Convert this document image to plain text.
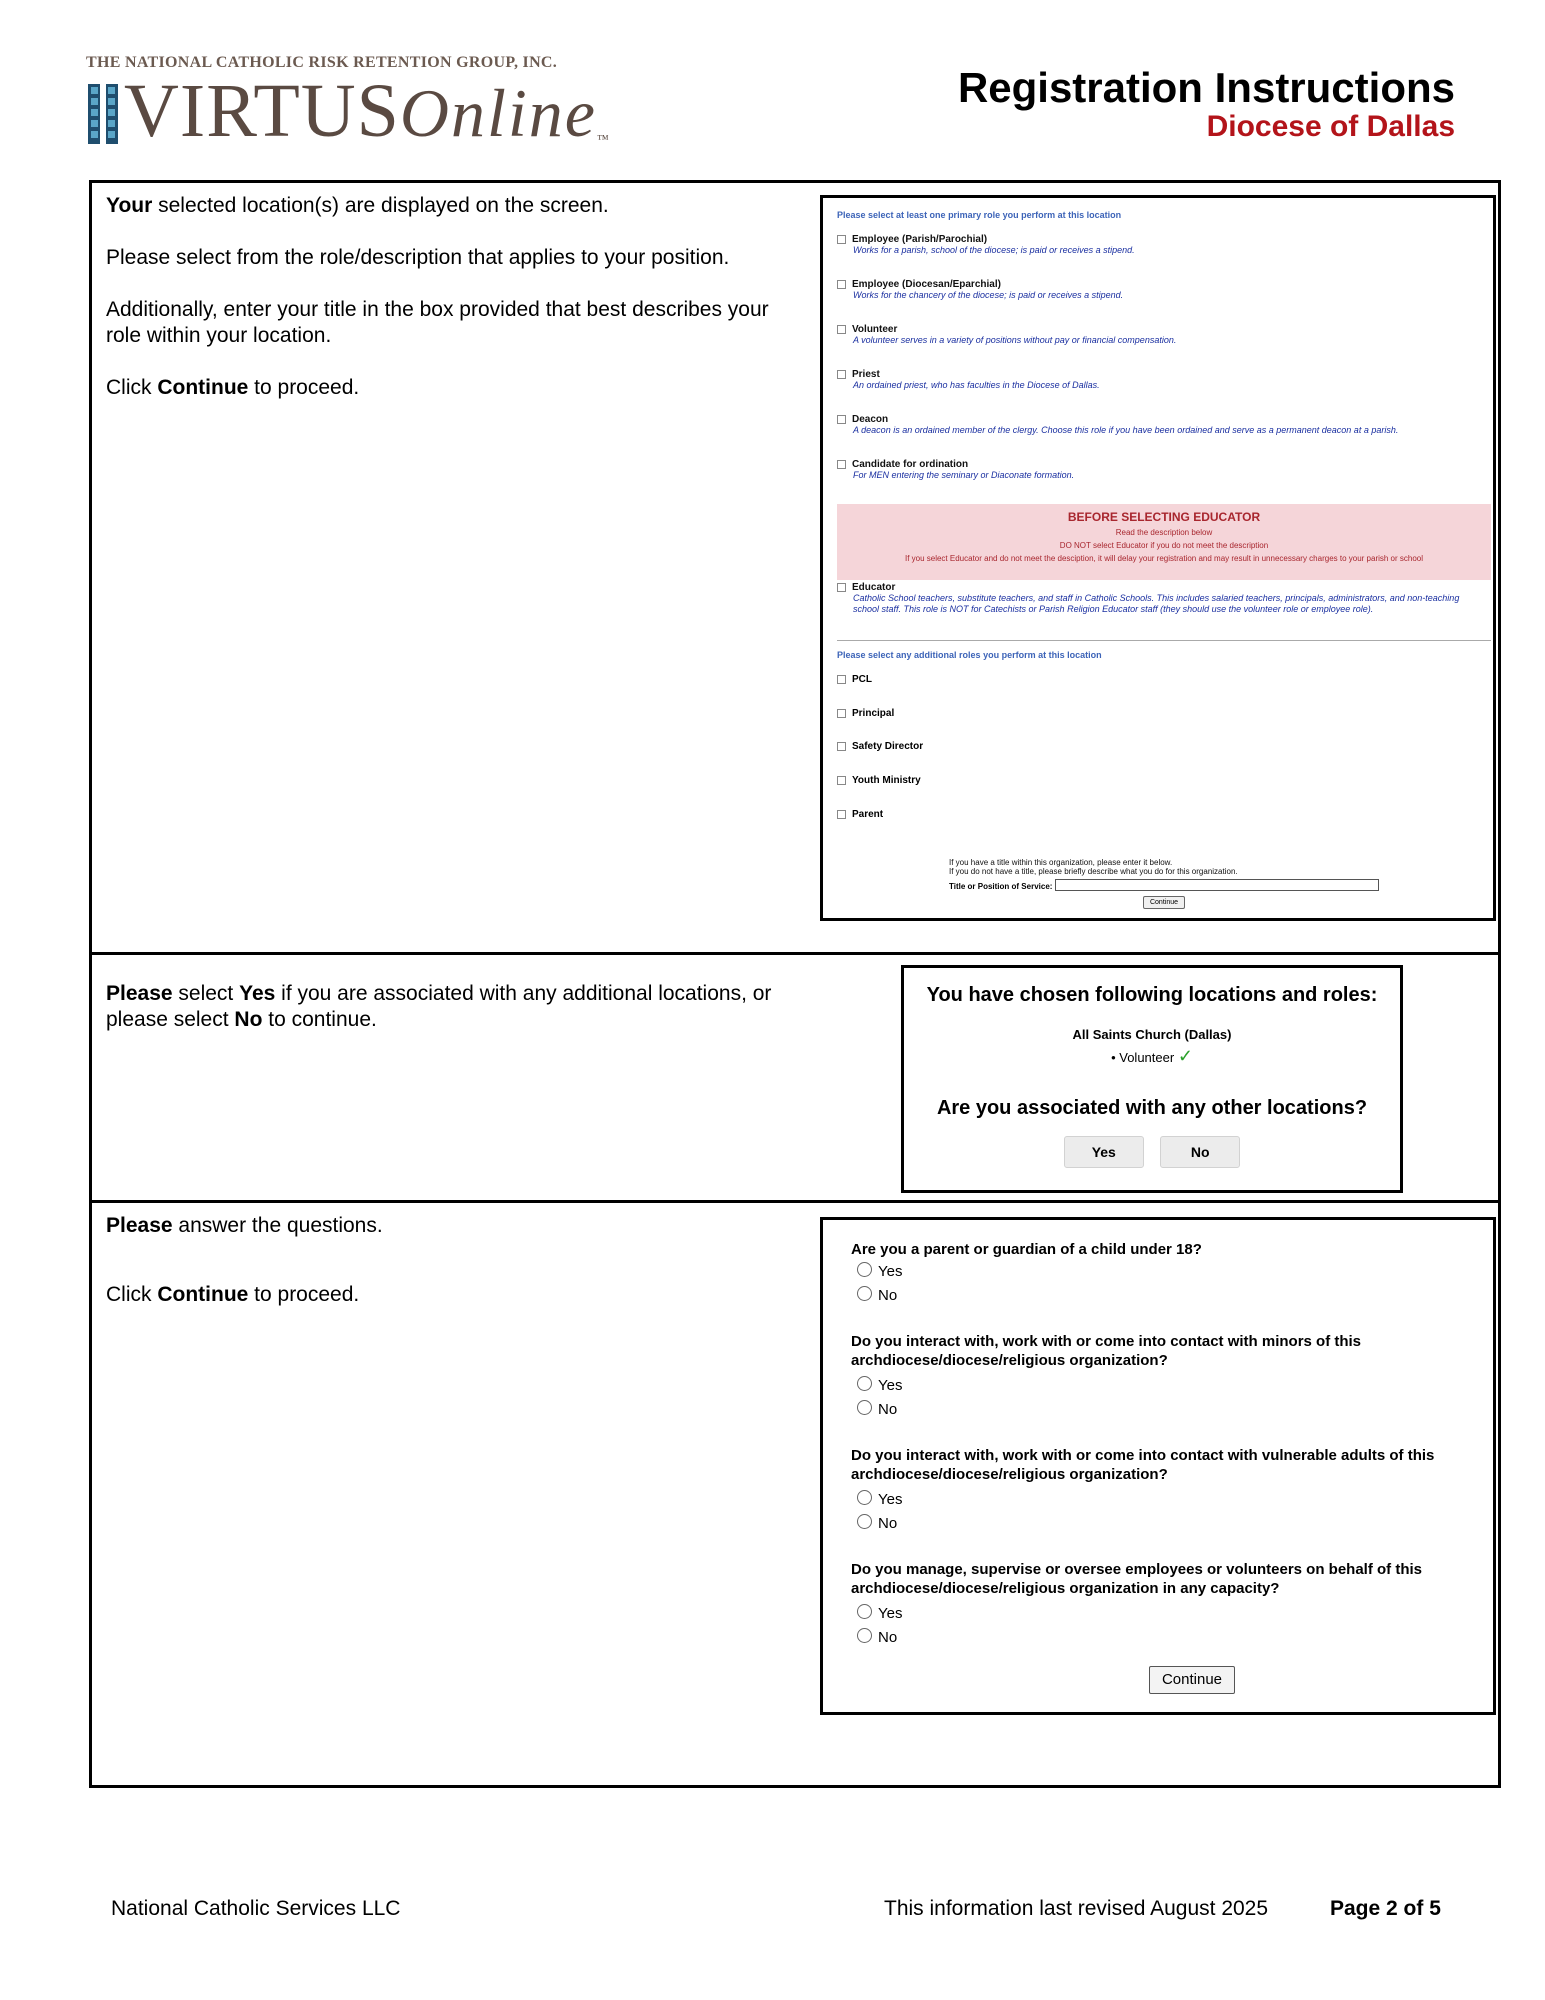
THE NATIONAL CATHOLIC RISK RETENTION GROUP, INC.
VIRTUSOnline™
Registration Instructions
Diocese of Dallas

Your selected location(s) are displayed on the screen.

Please select from the role/description that applies to your position.

Additionally, enter your title in the box provided that best describes your role within your location.

Click Continue to proceed.

Please select at least one primary role you perform at this location
Employee (Parish/Parochial)
Works for a parish, school of the diocese; is paid or receives a stipend.
Employee (Diocesan/Eparchial)
Works for the chancery of the diocese; is paid or receives a stipend.
Volunteer
A volunteer serves in a variety of positions without pay or financial compensation.
Priest
An ordained priest, who has faculties in the Diocese of Dallas.
Deacon
A deacon is an ordained member of the clergy. Choose this role if you have been ordained and serve as a permanent deacon at a parish.
Candidate for ordination
For MEN entering the seminary or Diaconate formation.
BEFORE SELECTING EDUCATOR
Read the description below
DO NOT select Educator if you do not meet the description
If you select Educator and do not meet the desciption, it will delay your registration and may result in unnecessary charges to your parish or school
Educator
Catholic School teachers, substitute teachers, and staff in Catholic Schools. This includes salaried teachers, principals, administrators, and non-teaching school staff. This role is NOT for Catechists or Parish Religion Educator staff (they should use the volunteer role or employee role).
Please select any additional roles you perform at this location
PCL
Principal
Safety Director
Youth Ministry
Parent
If you have a title within this organization, please enter it below.
If you do not have a title, please briefly describe what you do for this organization.
Title or Position of Service:
Continue

Please select Yes if you are associated with any additional locations, or please select No to continue.

You have chosen following locations and roles:
All Saints Church (Dallas)
• Volunteer ✓
Are you associated with any other locations?
Yes	No

Please answer the questions.

Click Continue to proceed.

Are you a parent or guardian of a child under 18?
Yes
No
Do you interact with, work with or come into contact with minors of this archdiocese/diocese/religious organization?
Yes
No
Do you interact with, work with or come into contact with vulnerable adults of this archdiocese/diocese/religious organization?
Yes
No
Do you manage, supervise or oversee employees or volunteers on behalf of this archdiocese/diocese/religious organization in any capacity?
Yes
No
Continue
National Catholic Services LLC	This information last revised August 2025	Page 2 of 5
